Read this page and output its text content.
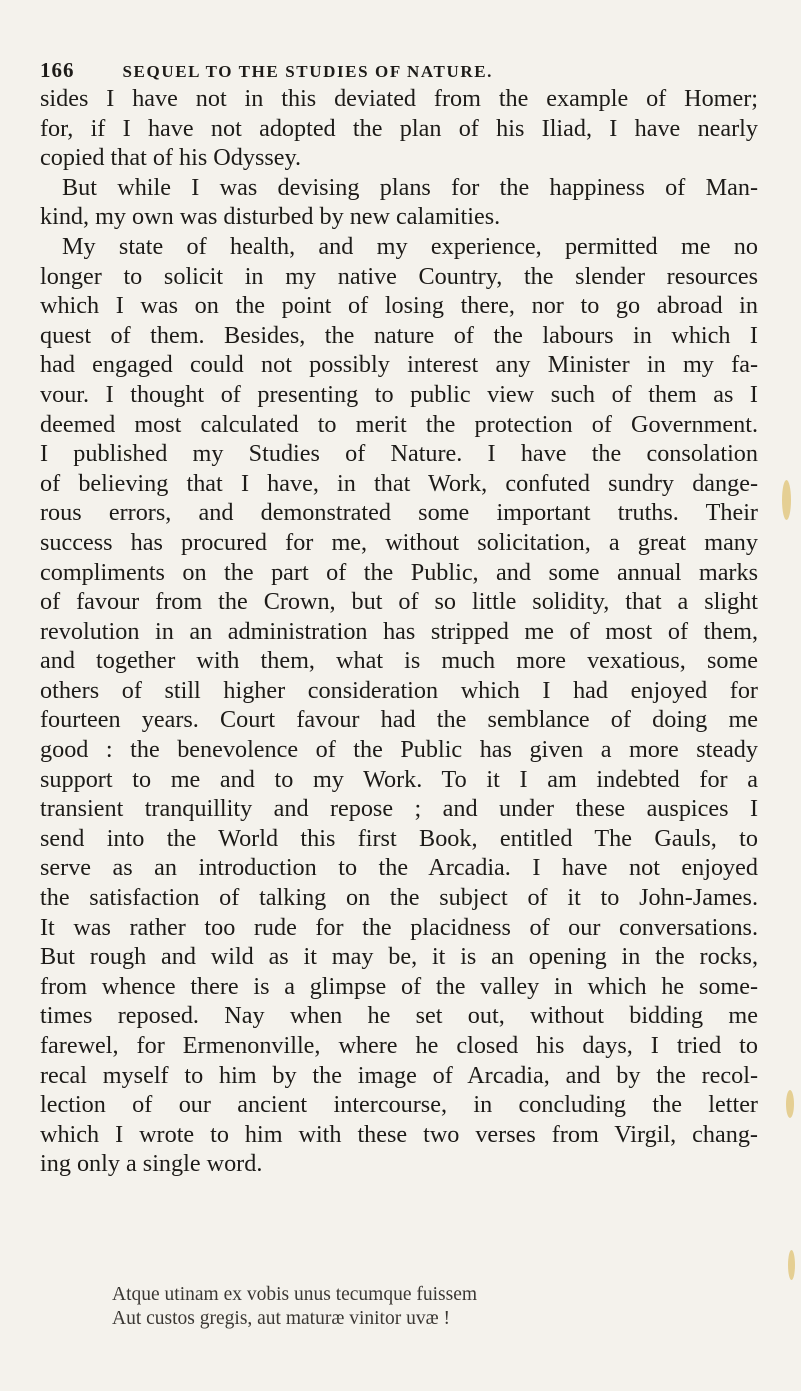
166	SEQUEL TO THE STUDIES OF NATURE.
sides I have not in this deviated from the example of Homer;
for, if I have not adopted the plan of his Iliad, I have nearly
copied that of his Odyssey.
But while I was devising plans for the happiness of Man-
kind, my own was disturbed by new calamities.
My state of health, and my experience, permitted me no
longer to solicit in my native Country, the slender resources
which I was on the point of losing there, nor to go abroad in
quest of them. Besides, the nature of the labours in which I
had engaged could not possibly interest any Minister in my fa-
vour. I thought of presenting to public view such of them as I
deemed most calculated to merit the protection of Government.
I published my Studies of Nature. I have the consolation
of believing that I have, in that Work, confuted sundry dange-
rous errors, and demonstrated some important truths. Their
success has procured for me, without solicitation, a great many
compliments on the part of the Public, and some annual marks
of favour from the Crown, but of so little solidity, that a slight
revolution in an administration has stripped me of most of them,
and together with them, what is much more vexatious, some
others of still higher consideration which I had enjoyed for
fourteen years. Court favour had the semblance of doing me
good : the benevolence of the Public has given a more steady
support to me and to my Work. To it I am indebted for a
transient tranquillity and repose ; and under these auspices I
send into the World this first Book, entitled The Gauls, to
serve as an introduction to the Arcadia. I have not enjoyed
the satisfaction of talking on the subject of it to John-James.
It was rather too rude for the placidness of our conversations.
But rough and wild as it may be, it is an opening in the rocks,
from whence there is a glimpse of the valley in which he some-
times reposed. Nay when he set out, without bidding me
farewel, for Ermenonville, where he closed his days, I tried to
recal myself to him by the image of Arcadia, and by the recol-
lection of our ancient intercourse, in concluding the letter
which I wrote to him with these two verses from Virgil, chang-
ing only a single word.
Atque utinam ex vobis unus tecumque fuissem
Aut custos gregis, aut maturæ vinitor uvæ !
